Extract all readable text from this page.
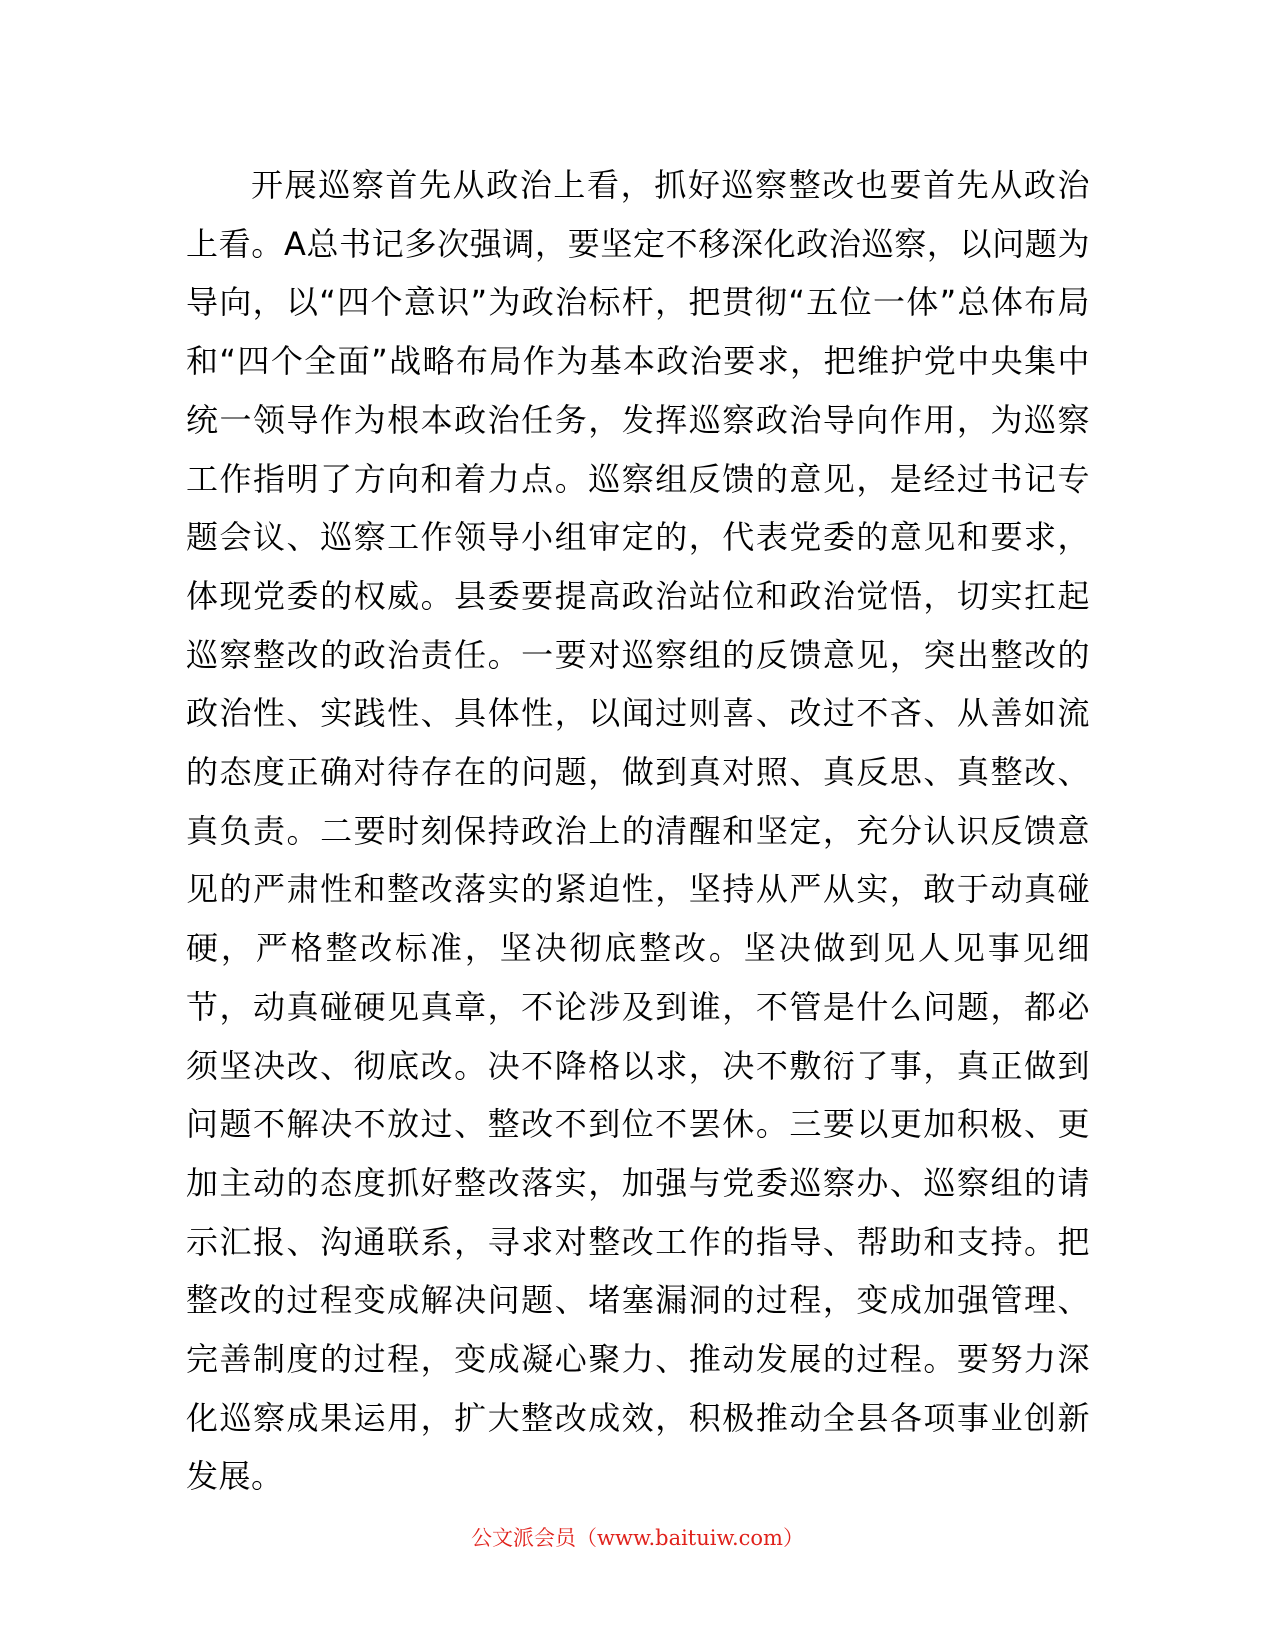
开展巡察首先从政治上看，抓好巡察整改也要首先从政治上看。A总书记多次强调，要坚定不移深化政治巡察，以问题为导向，以“四个意识”为政治标杆，把贯彻“五位一体”总体布局和“四个全面”战略布局作为基本政治要求，把维护党中央集中统一领导作为根本政治任务，发挥巡察政治导向作用，为巡察工作指明了方向和着力点。巡察组反馈的意见，是经过书记专题会议、巡察工作领导小组审定的，代表党委的意见和要求，体现党委的权威。县委要提高政治站位和政治觉悟，切实扛起巡察整改的政治责任。一要对巡察组的反馈意见，突出整改的政治性、实践性、具体性，以闻过则喜、改过不吝、从善如流的态度正确对待存在的问题，做到真对照、真反思、真整改、真负责。二要时刻保持政治上的清醒和坚定，充分认识反馈意见的严肃性和整改落实的紧迫性，坚持从严从实，敢于动真碰硬，严格整改标准，坚决彻底整改。坚决做到见人见事见细节，动真碰硬见真章，不论涉及到谁，不管是什么问题，都必须坚决改、彻底改。决不降格以求，决不敷衍了事，真正做到问题不解决不放过、整改不到位不罢休。三要以更加积极、更加主动的态度抓好整改落实，加强与党委巡察办、巡察组的请示汇报、沟通联系，寻求对整改工作的指导、帮助和支持。把整改的过程变成解决问题、堵塞漏洞的过程，变成加强管理、完善制度的过程，变成凝心聚力、推动发展的过程。要努力深化巡察成果运用，扩大整改成效，积极推动全县各项事业创新发展。

公文派会员（www.baituiw.com）
